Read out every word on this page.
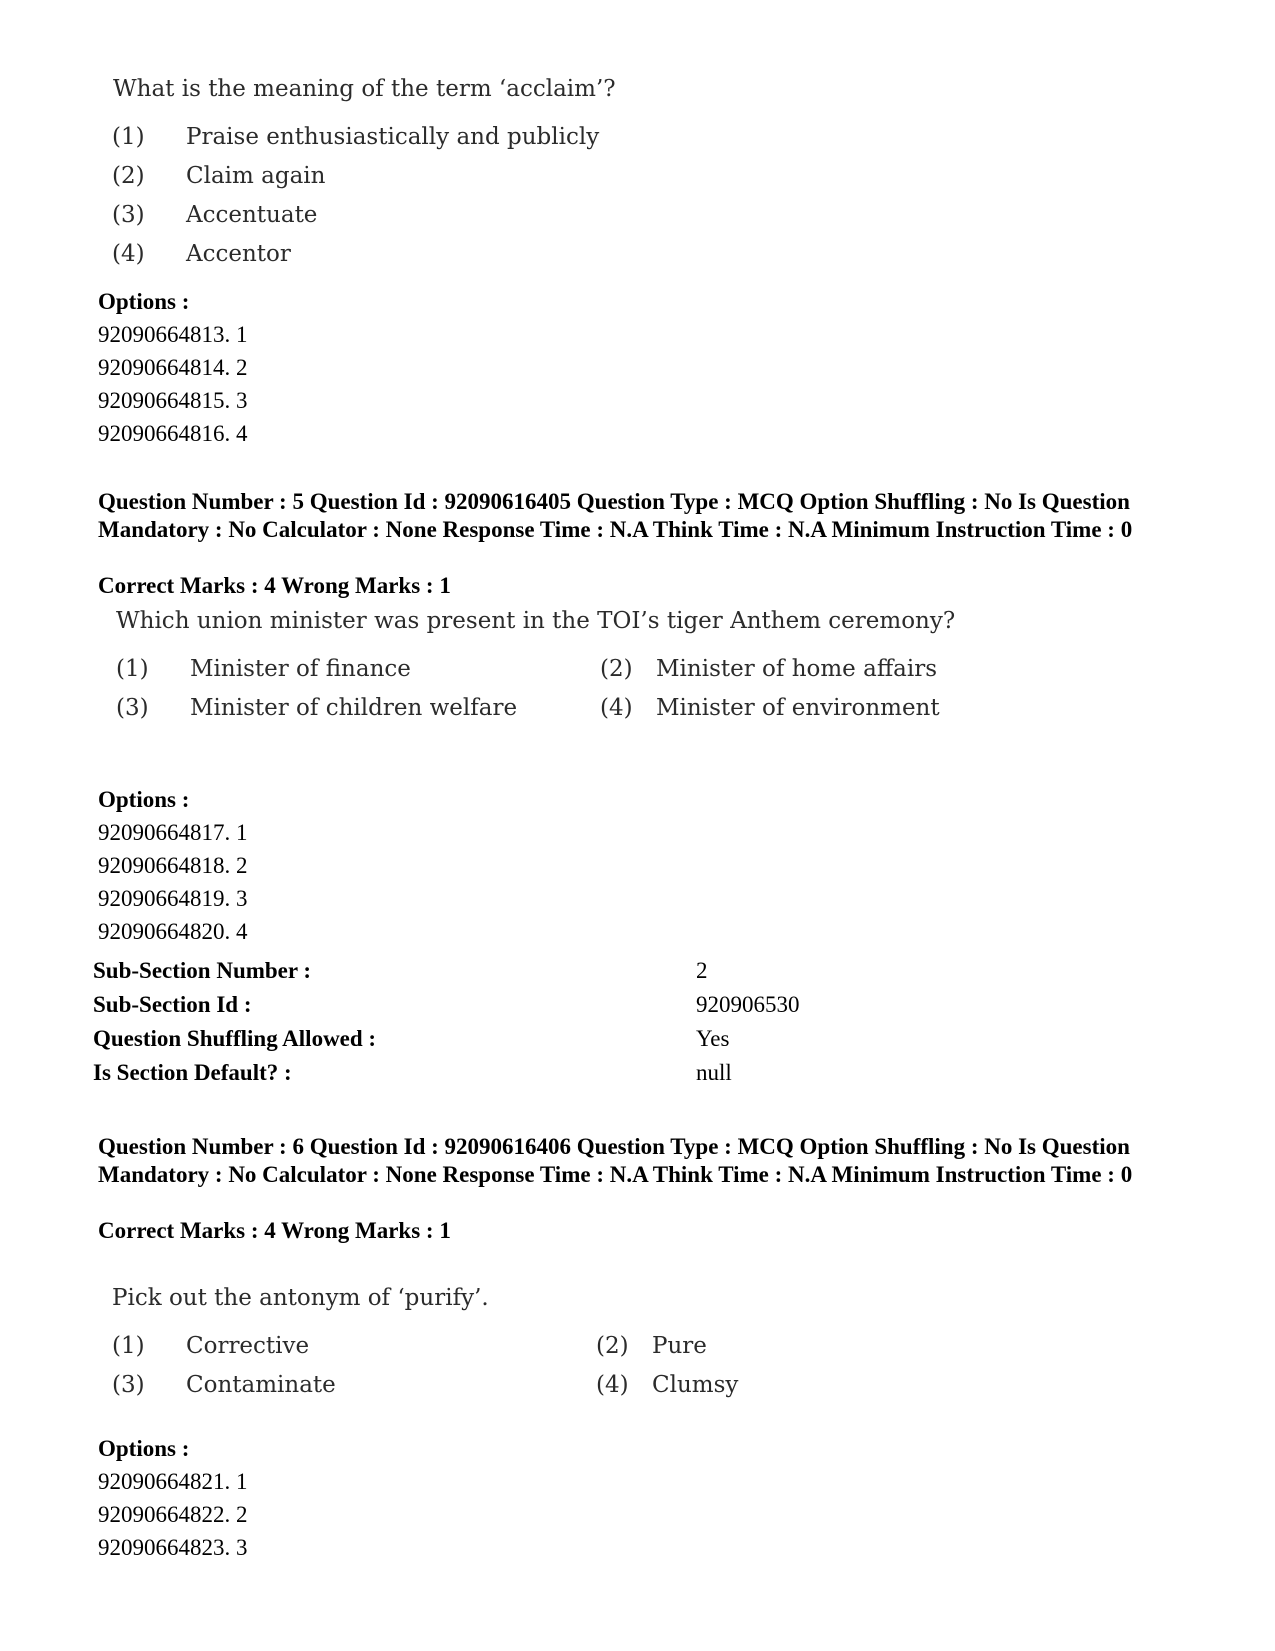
What is the meaning of the term ‘acclaim’?
(1) Praise enthusiastically and publicly
(2) Claim again
(3) Accentuate
(4) Accentor
Options :
92090664813. 1
92090664814. 2
92090664815. 3
92090664816. 4
Question Number : 5 Question Id : 92090616405 Question Type : MCQ Option Shuffling : No Is Question Mandatory : No Calculator : None Response Time : N.A Think Time : N.A Minimum Instruction Time : 0
Correct Marks : 4 Wrong Marks : 1
Which union minister was present in the TOI’s tiger Anthem ceremony?
(1) Minister of finance	(2) Minister of home affairs
(3) Minister of children welfare	(4) Minister of environment
Options :
92090664817. 1
92090664818. 2
92090664819. 3
92090664820. 4
Sub-Section Number :	2
Sub-Section Id :	920906530
Question Shuffling Allowed :	Yes
Is Section Default? :	null
Question Number : 6 Question Id : 92090616406 Question Type : MCQ Option Shuffling : No Is Question Mandatory : No Calculator : None Response Time : N.A Think Time : N.A Minimum Instruction Time : 0
Correct Marks : 4 Wrong Marks : 1
Pick out the antonym of ‘purify’.
(1) Corrective	(2) Pure
(3) Contaminate	(4) Clumsy
Options :
92090664821. 1
92090664822. 2
92090664823. 3
